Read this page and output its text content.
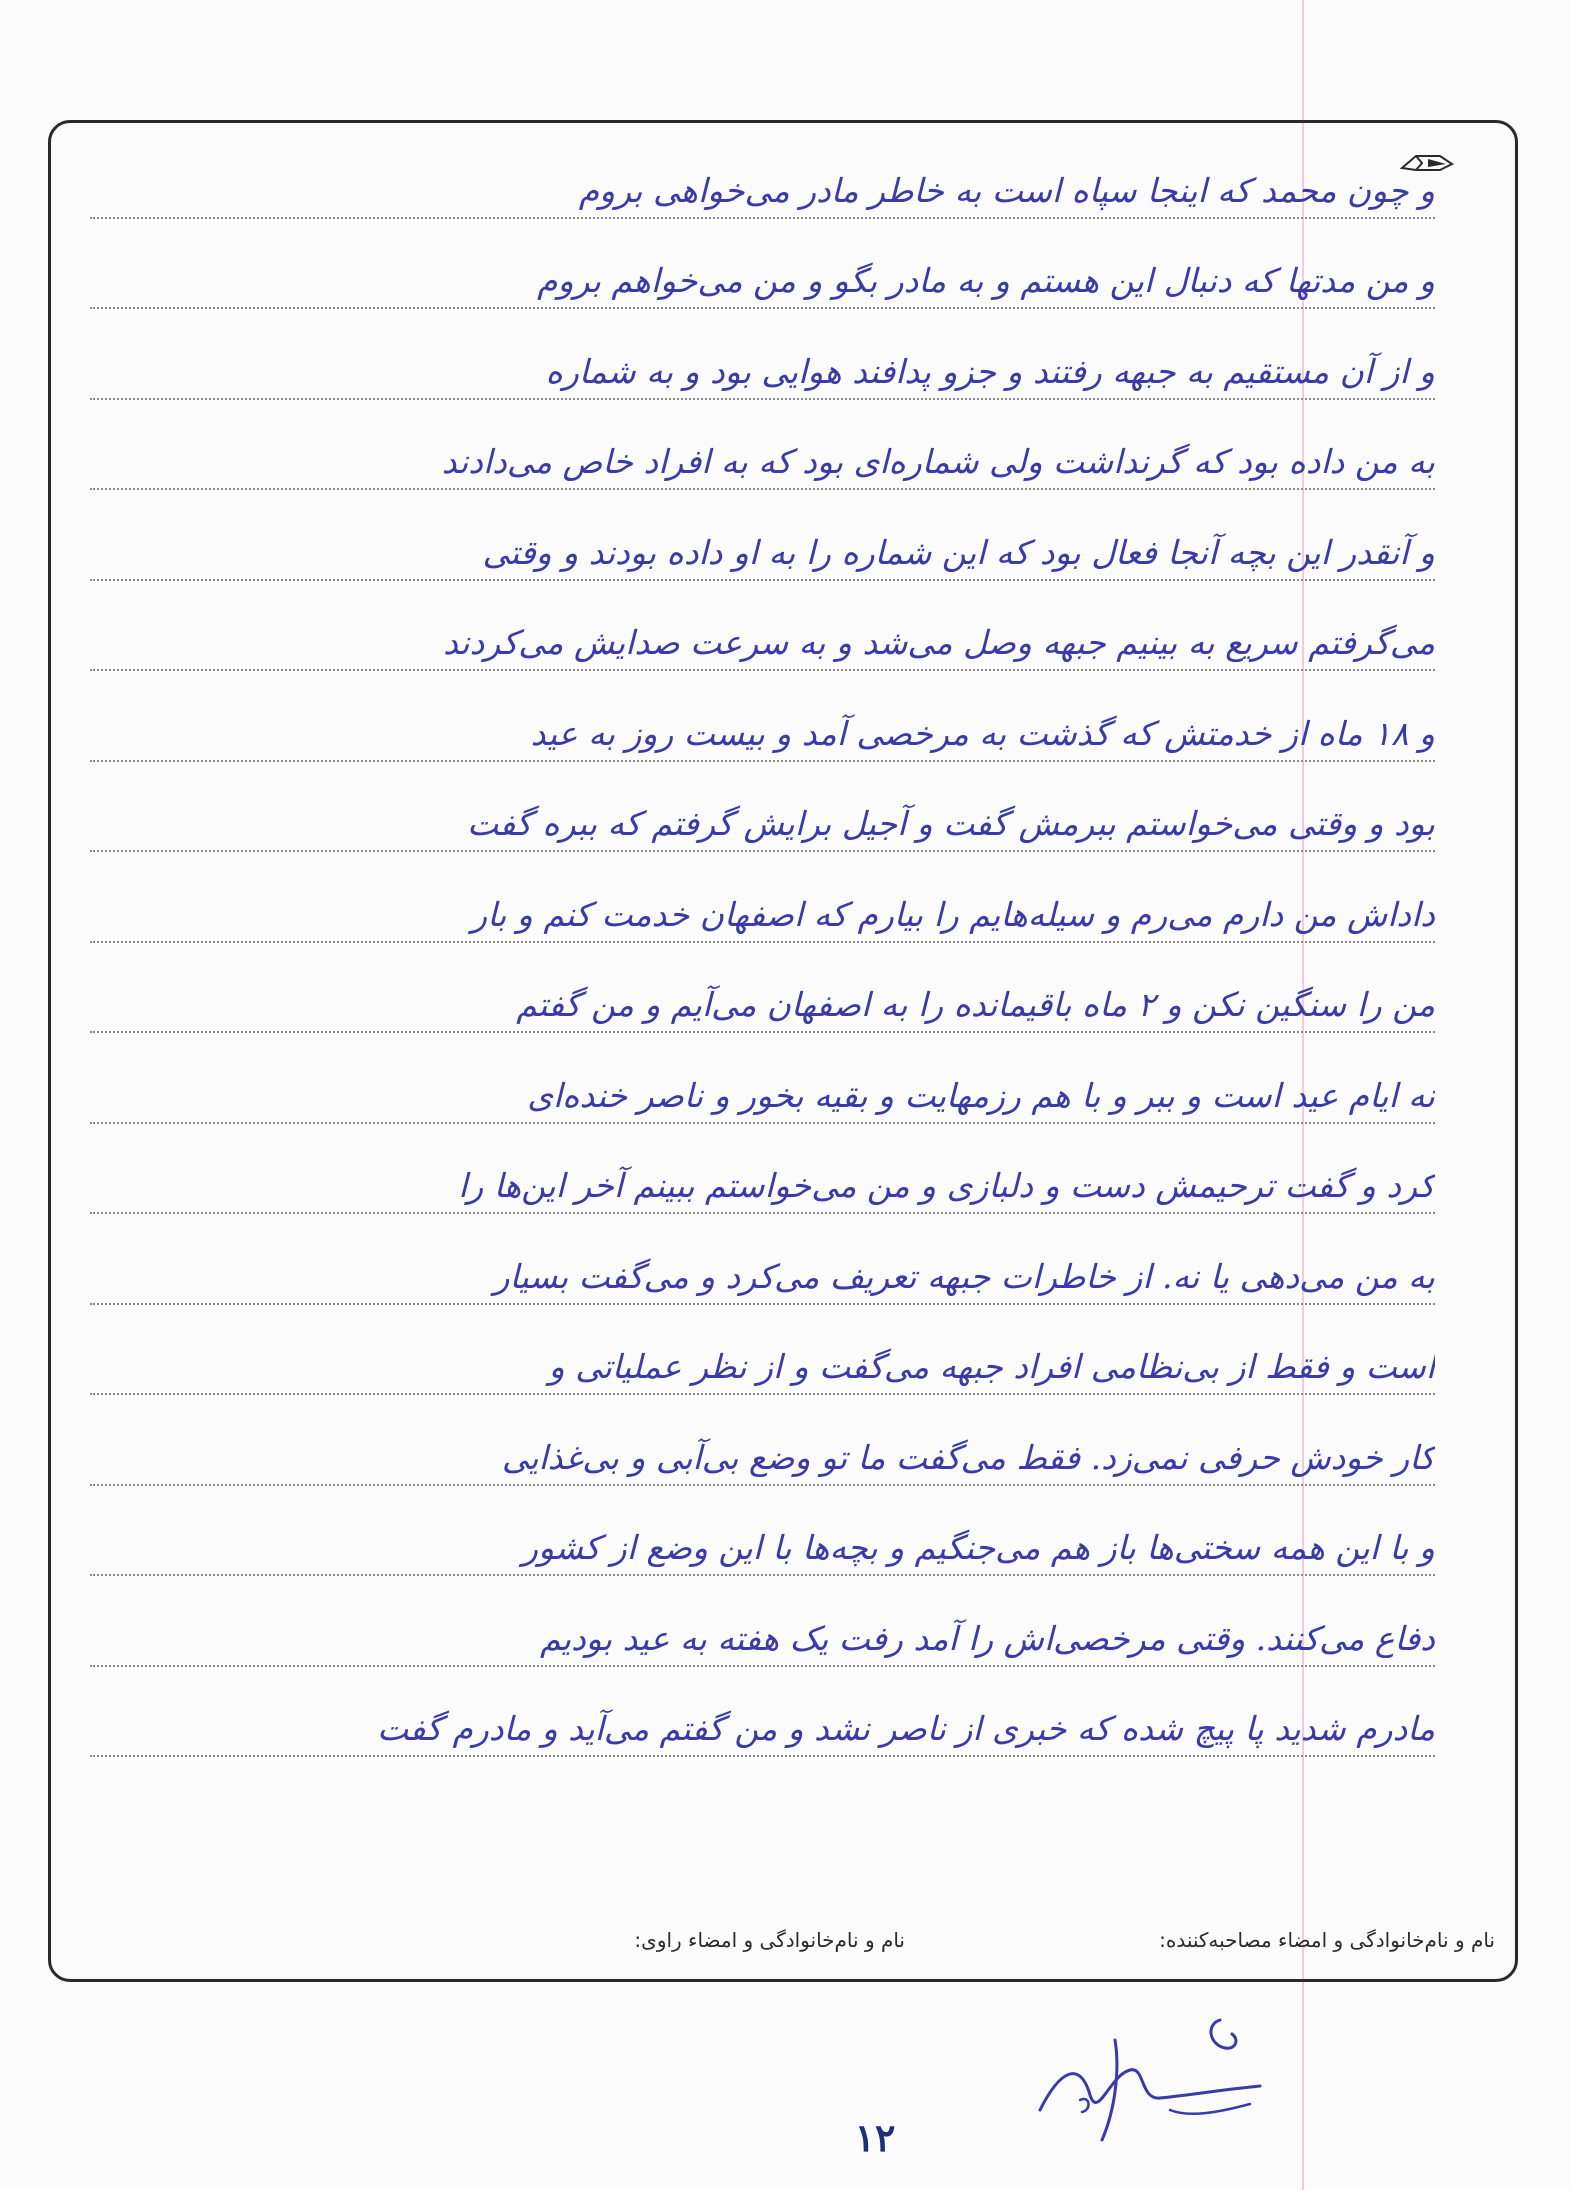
و چون محمد که اینجا سپاه است به خاطر مادر می‌خواهی بروم
و من مدتها که دنبال این هستم و به مادر بگو و من می‌خواهم بروم
و از آن مستقیم به جبهه رفتند و جزو پدافند هوایی بود و به شماره
به من داده بود که گرنداشت ولی شماره‌ای بود که به افراد خاص می‌دادند
و آنقدر این بچه آنجا فعال بود که این شماره را به او داده بودند و وقتی
می‌گرفتم سریع به بینیم جبهه وصل می‌شد و به سرعت صدایش می‌کردند
و ۱۸ ماه از خدمتش که گذشت به مرخصی آمد و بیست روز به عید
بود و وقتی می‌خواستم ببرمش گفت و آجیل برایش گرفتم که ببره گفت
داداش من دارم می‌رم و سیله‌هایم را بیارم که اصفهان خدمت کنم و بار
من را سنگین نکن و ۲ ماه باقیمانده را به اصفهان می‌آیم و من گفتم
نه ایام عید است و ببر و با هم رزمهایت و بقیه بخور و ناصر خنده‌ای
کرد و گفت ترحیمش دست و دلبازی و من می‌خواستم ببینم آخر این‌ها را
به من می‌دهی یا نه. از خاطرات جبهه تعریف می‌کرد و می‌گفت بسیار
است و فقط از بی‌نظامی افراد جبهه می‌گفت و از نظر عملیاتی و
کار خودش حرفی نمی‌زد. فقط می‌گفت ما تو وضع بی‌آبی و بی‌غذایی
و با این همه سختی‌ها باز هم می‌جنگیم و بچه‌ها با این وضع از کشور
دفاع می‌کنند. وقتی مرخصی‌اش را آمد رفت یک هفته به عید بودیم
مادرم شدید پا پیچ شده که خبری از ناصر نشد و من گفتم می‌آید و مادرم گفت
نام و نام‌خانوادگی و امضاء مصاحبه‌کننده:
نام و نام‌خانوادگی و امضاء راوی:
۱۲
